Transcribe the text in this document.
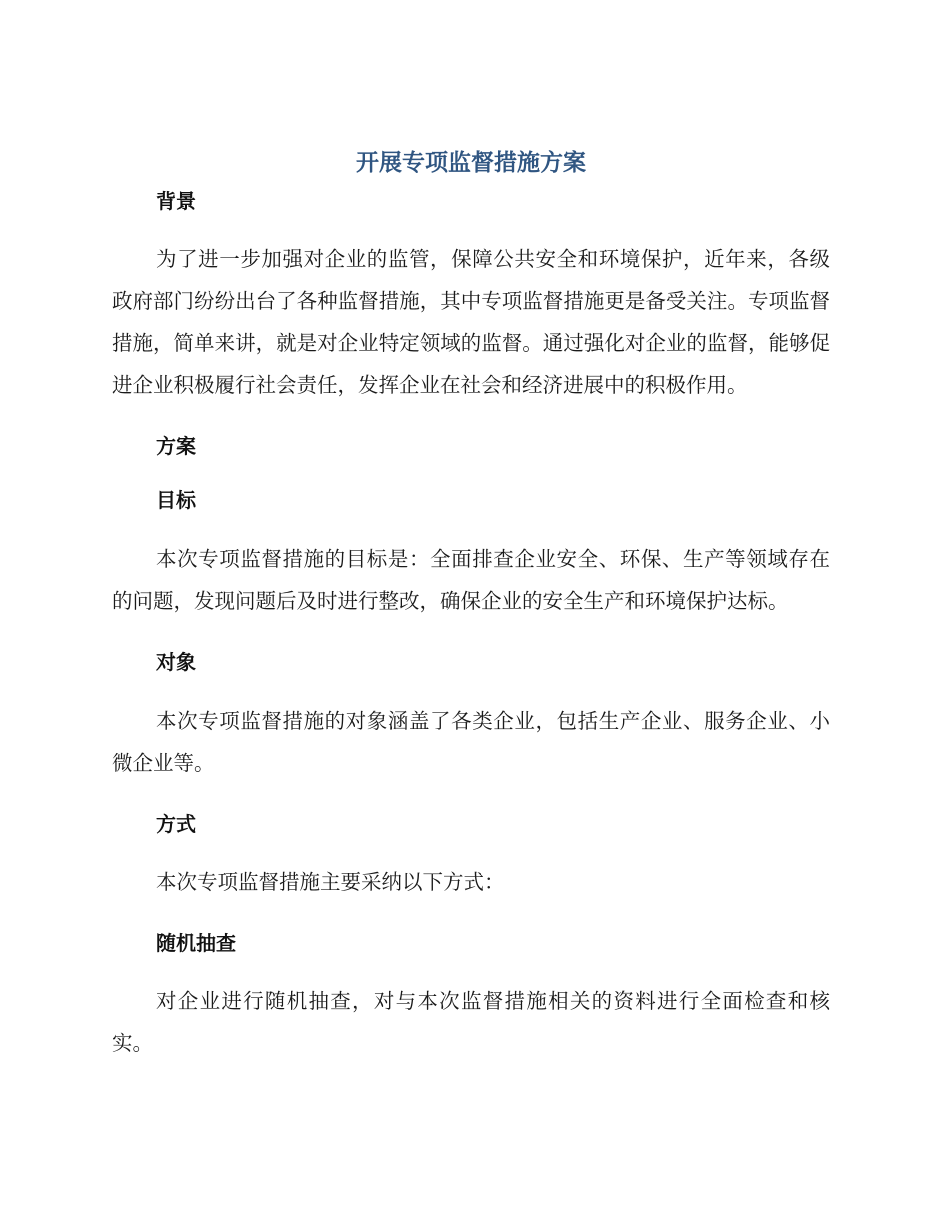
开展专项监督措施方案
背景

为了进一步加强对企业的监管，保障公共安全和环境保护，近年来，各级政府部门纷纷出台了各种监督措施，其中专项监督措施更是备受关注。专项监督措施，简单来讲，就是对企业特定领域的监督。通过强化对企业的监督，能够促进企业积极履行社会责任，发挥企业在社会和经济进展中的积极作用。

方案
目标

本次专项监督措施的目标是：全面排查企业安全、环保、生产等领域存在的问题，发现问题后及时进行整改，确保企业的安全生产和环境保护达标。

对象

本次专项监督措施的对象涵盖了各类企业，包括生产企业、服务企业、小微企业等。

方式

本次专项监督措施主要采纳以下方式：

随机抽查

对企业进行随机抽查，对与本次监督措施相关的资料进行全面检查和核实。
